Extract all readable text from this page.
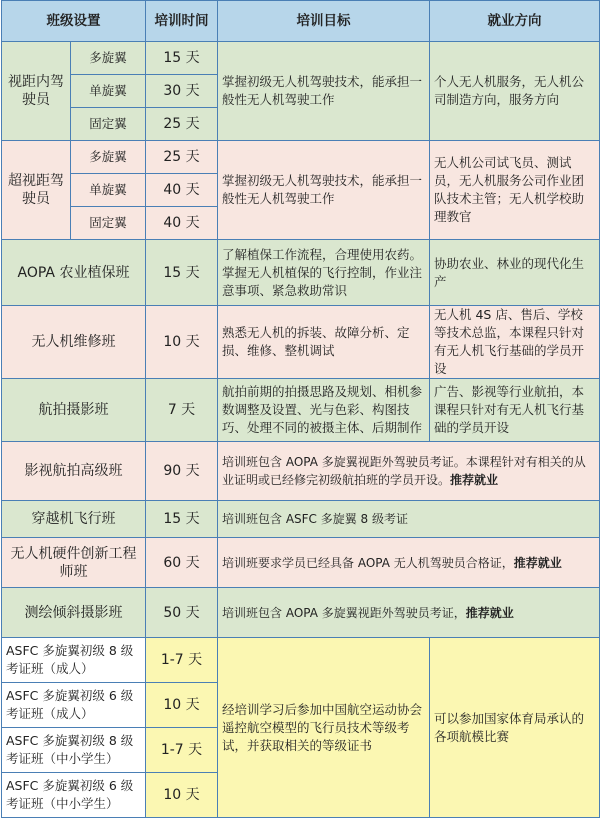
班级设置		培训时间	培训目标	就业方向
视距内驾驶员	多旋翼	15 天	掌握初级无人机驾驶技术，能承担一般性无人机驾驶工作	个人无人机服务，无人机公司制造方向，服务方向
	单旋翼	30 天		
	固定翼	25 天		
超视距驾驶员	多旋翼	25 天	掌握初级无人机驾驶技术，能承担一般性无人机驾驶工作	无人机公司试飞员、测试员，无人机服务公司作业团队技术主管；无人机学校助理教官
	单旋翼	40 天		
	固定翼	40 天		
AOPA 农业植保班		15 天	了解植保工作流程，合理使用农药。掌握无人机植保的飞行控制，作业注意事项、紧急救助常识	协助农业、林业的现代化生产
无人机维修班		10 天	熟悉无人机的拆装、故障分析、定损、维修、整机调试	无人机 4S 店、售后、学校等技术总监，本课程只针对有无人机飞行基础的学员开设
航拍摄影班		7 天	航拍前期的拍摄思路及规划、相机参数调整及设置、光与色彩、构图技巧、处理不同的被摄主体、后期制作	广告、影视等行业航拍，本课程只针对有无人机飞行基础的学员开设
影视航拍高级班		90 天	培训班包含 AOPA 多旋翼视距外驾驶员考证。本课程针对有相关的从业证明或已经修完初级航拍班的学员开设。推荐就业	
穿越机飞行班		15 天	培训班包含 ASFC 多旋翼 8 级考证	
无人机硬件创新工程师班		60 天	培训班要求学员已经具备 AOPA 无人机驾驶员合格证，推荐就业	
测绘倾斜摄影班		50 天	培训班包含 AOPA 多旋翼视距外驾驶员考证，推荐就业	
ASFC 多旋翼初级 8 级考证班（成人）		1-7 天	经培训学习后参加中国航空运动协会遥控航空模型的飞行员技术等级考试，并获取相关的等级证书	可以参加国家体育局承认的各项航模比赛
ASFC 多旋翼初级 6 级考证班（成人）		10 天		
ASFC 多旋翼初级 8 级考证班（中小学生）		1-7 天		
ASFC 多旋翼初级 6 级考证班（中小学生）		10 天		
